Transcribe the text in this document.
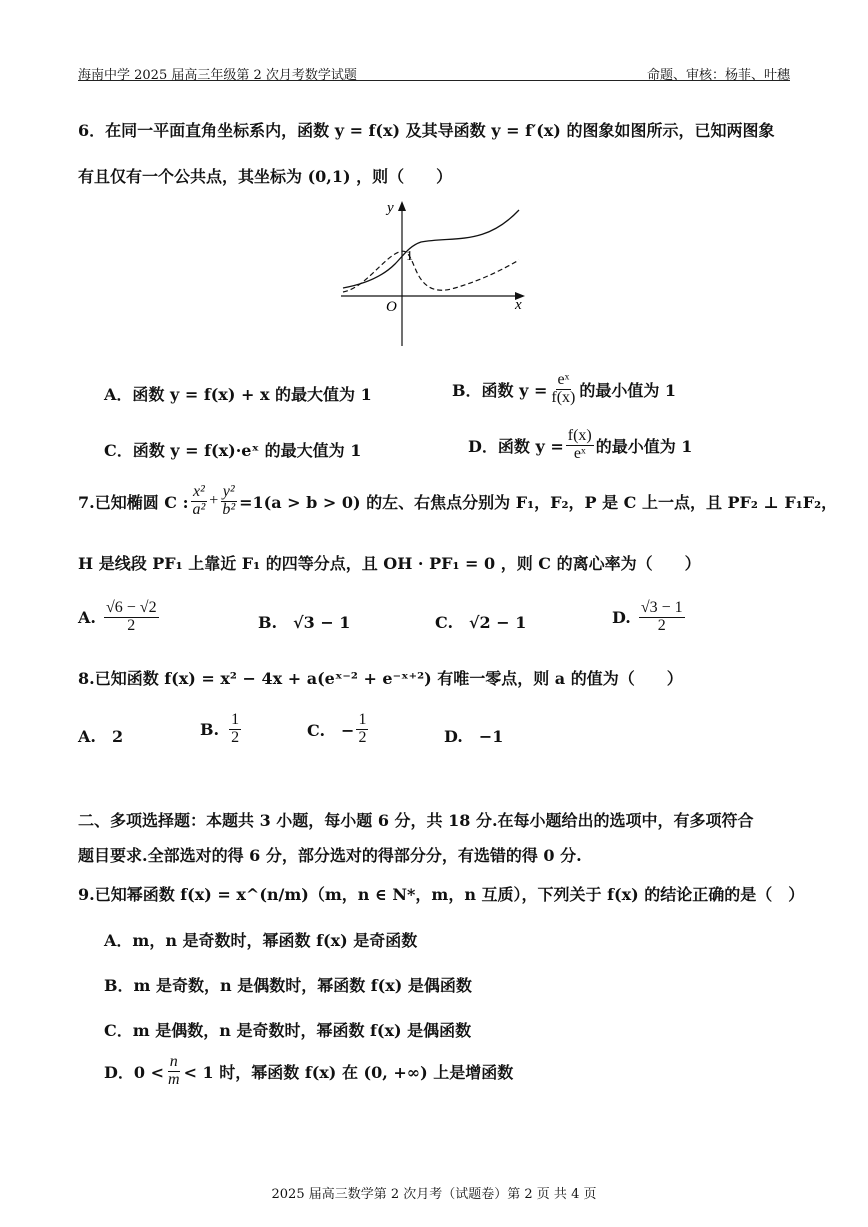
海南中学 2025 届高三年级第 2 次月考数学试题	命题、审核：杨菲、叶穗
6．在同一平面直角坐标系内，函数 y = f(x) 及其导函数 y = f′(x) 的图象如图所示，已知两图象
有且仅有一个公共点，其坐标为 (0,1) ，则（　　）
y
x
O
1
A．函数 y = f(x) + x 的最大值为 1	B．函数 $y = \frac{\text{eˣ}}{f(x)}$ 的最小值为 1
C．函数 y = f(x)·eˣ 的最大值为 1	D．函数 $y = \frac{f(x)}{\text{eˣ}}$ 的最小值为 1
7.已知椭圆 C : $\frac{\text{x²}}{\text{a²}} + \frac{\text{y²}}{\text{b²}} =1(a > b > 0)$ 的左、右焦点分别为 F₁，F₂，P 是 C 上一点，且 PF₂ ⊥ F₁F₂，
H 是线段 PF₁ 上靠近 F₁ 的四等分点，且 OH · PF₁ = 0 ，则 C 的离心率为（　　）
A. $\frac{√6 - √2}{2}$	B.　√3 − 1	C.　√2 − 1	D. $\frac{√3 - 1}{2}$
8.已知函数 f(x) = x² − 4x + a(eˣ⁻² + e⁻ˣ⁺²) 有唯一零点，则 a 的值为（　　）
A.　2	B. $\frac{1}{2}$	C.　− $\frac{1}{2}$	D.　−1
二、多项选择题：本题共 3 小题，每小题 6 分，共 18 分.在每小题给出的选项中，有多项符合
题目要求.全部选对的得 6 分，部分选对的得部分分，有选错的得 0 分.
9.已知幂函数 f(x) = x^(n/m)（m，n ∈ N*，m，n 互质），下列关于 f(x) 的结论正确的是（　）
A．m，n 是奇数时，幂函数 f(x) 是奇函数
B．m 是奇数，n 是偶数时，幂函数 f(x) 是偶函数
C．m 是偶数，n 是奇数时，幂函数 f(x) 是偶函数
D．$0 < \frac{n}{m} < 1$ 时，幂函数 f(x) 在 (0, +∞) 上是增函数
2025 届高三数学第 2 次月考（试题卷）第 2 页 共 4 页
